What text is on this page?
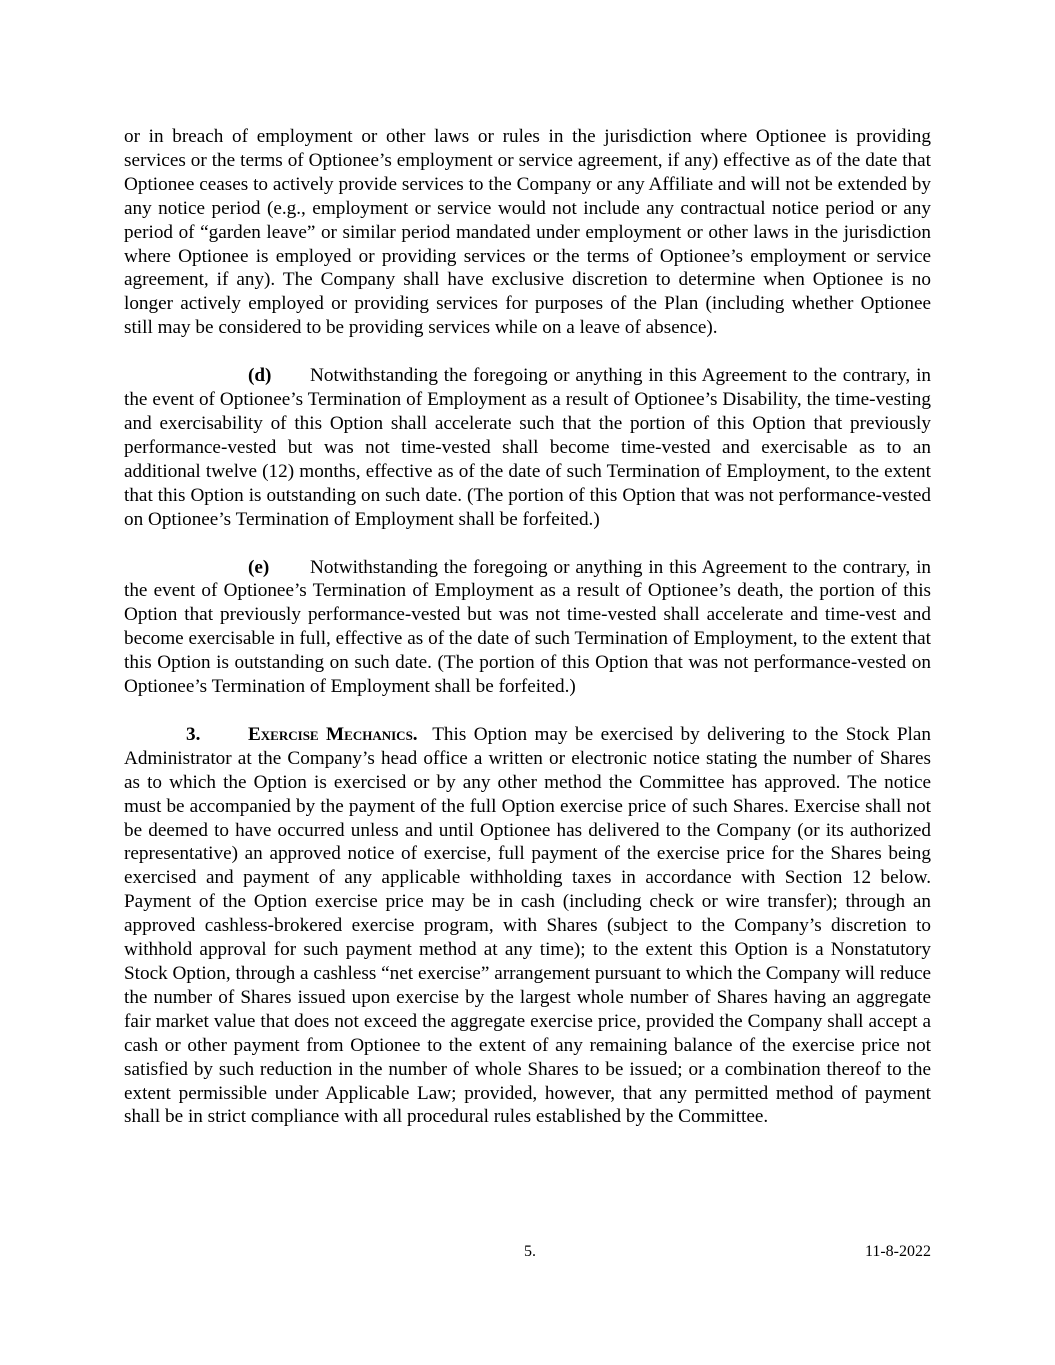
or in breach of employment or other laws or rules in the jurisdiction where Optionee is providing services or the terms of Optionee’s employment or service agreement, if any) effective as of the date that Optionee ceases to actively provide services to the Company or any Affiliate and will not be extended by any notice period (e.g., employment or service would not include any contractual notice period or any period of “garden leave” or similar period mandated under employment or other laws in the jurisdiction where Optionee is employed or providing services or the terms of Optionee’s employment or service agreement, if any). The Company shall have exclusive discretion to determine when Optionee is no longer actively employed or providing services for purposes of the Plan (including whether Optionee still may be considered to be providing services while on a leave of absence).

(d) Notwithstanding the foregoing or anything in this Agreement to the contrary, in the event of Optionee’s Termination of Employment as a result of Optionee’s Disability, the time-vesting and exercisability of this Option shall accelerate such that the portion of this Option that previously performance-vested but was not time-vested shall become time-vested and exercisable as to an additional twelve (12) months, effective as of the date of such Termination of Employment, to the extent that this Option is outstanding on such date. (The portion of this Option that was not performance-vested on Optionee’s Termination of Employment shall be forfeited.)

(e) Notwithstanding the foregoing or anything in this Agreement to the contrary, in the event of Optionee’s Termination of Employment as a result of Optionee’s death, the portion of this Option that previously performance-vested but was not time-vested shall accelerate and time-vest and become exercisable in full, effective as of the date of such Termination of Employment, to the extent that this Option is outstanding on such date. (The portion of this Option that was not performance-vested on Optionee’s Termination of Employment shall be forfeited.)

3. Exercise Mechanics. This Option may be exercised by delivering to the Stock Plan Administrator at the Company’s head office a written or electronic notice stating the number of Shares as to which the Option is exercised or by any other method the Committee has approved. The notice must be accompanied by the payment of the full Option exercise price of such Shares. Exercise shall not be deemed to have occurred unless and until Optionee has delivered to the Company (or its authorized representative) an approved notice of exercise, full payment of the exercise price for the Shares being exercised and payment of any applicable withholding taxes in accordance with Section 12 below. Payment of the Option exercise price may be in cash (including check or wire transfer); through an approved cashless-brokered exercise program, with Shares (subject to the Company’s discretion to withhold approval for such payment method at any time); to the extent this Option is a Nonstatutory Stock Option, through a cashless “net exercise” arrangement pursuant to which the Company will reduce the number of Shares issued upon exercise by the largest whole number of Shares having an aggregate fair market value that does not exceed the aggregate exercise price, provided the Company shall accept a cash or other payment from Optionee to the extent of any remaining balance of the exercise price not satisfied by such reduction in the number of whole Shares to be issued; or a combination thereof to the extent permissible under Applicable Law; provided, however, that any permitted method of payment shall be in strict compliance with all procedural rules established by the Committee.

5.	11-8-2022
